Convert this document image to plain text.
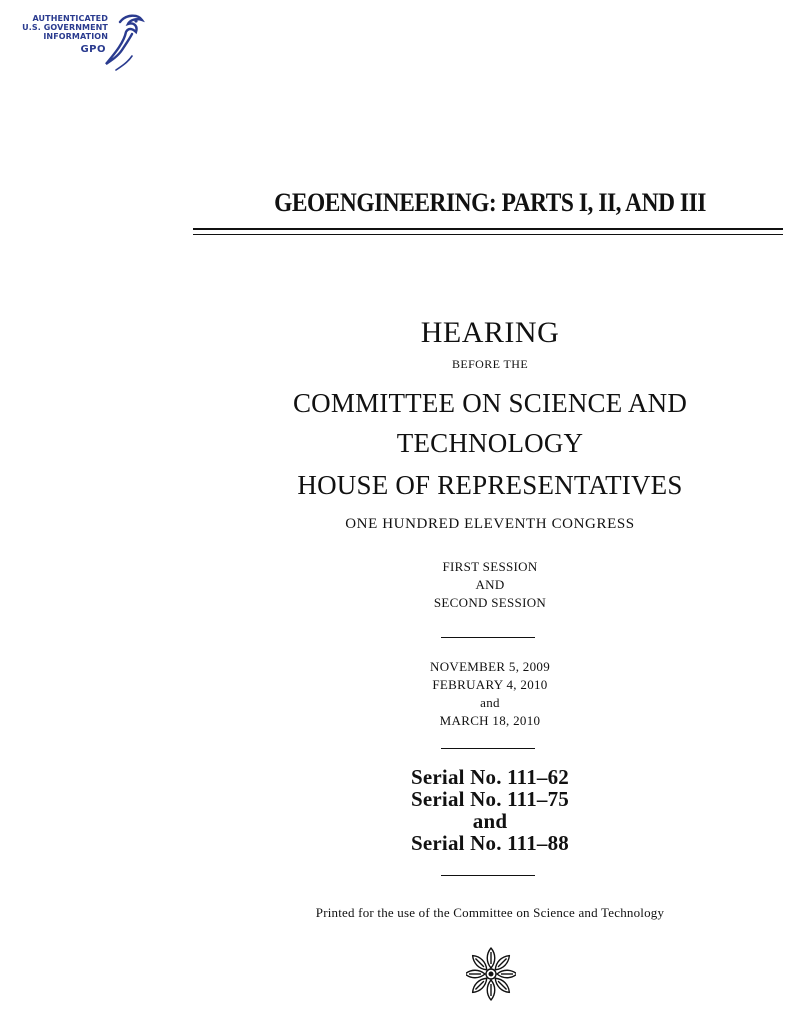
AUTHENTICATED
U.S. GOVERNMENT
INFORMATION
GPO
GEOENGINEERING: PARTS I, II, AND III
HEARING
BEFORE THE
COMMITTEE ON SCIENCE AND
TECHNOLOGY
HOUSE OF REPRESENTATIVES
ONE HUNDRED ELEVENTH CONGRESS
FIRST SESSION
AND
SECOND SESSION
NOVEMBER 5, 2009
FEBRUARY 4, 2010
and
MARCH 18, 2010
Serial No. 111–62
Serial No. 111–75
and
Serial No. 111–88
Printed for the use of the Committee on Science and Technology
